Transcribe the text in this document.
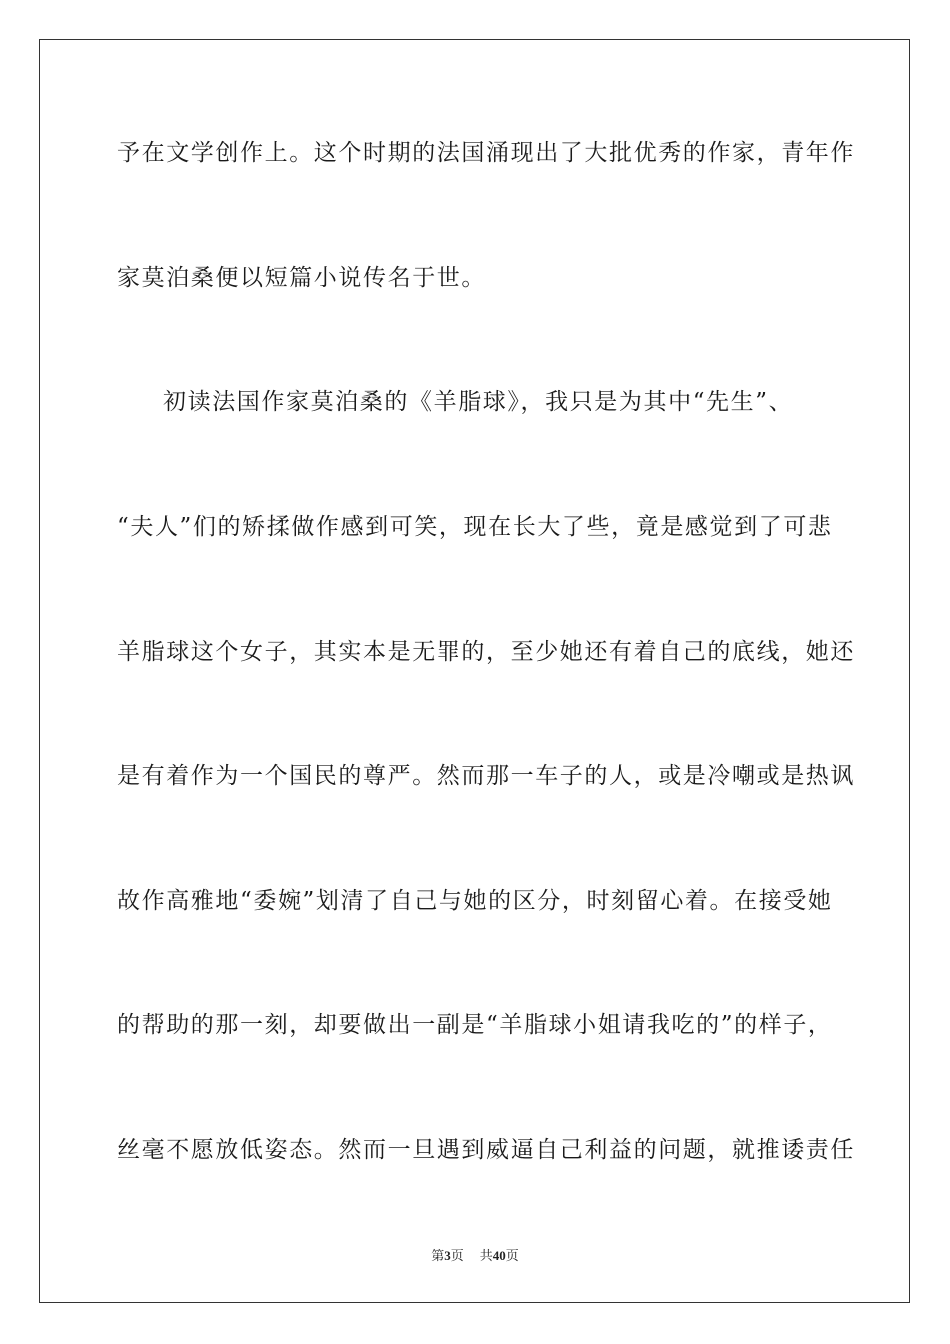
予在文学创作上。这个时期的法国涌现出了大批优秀的作家，青年作
家莫泊桑便以短篇小说传名于世。
初读法国作家莫泊桑的《羊脂球》，我只是为其中“先生”、
“夫人”们的矫揉做作感到可笑，现在长大了些，竟是感觉到了可悲
羊脂球这个女子，其实本是无罪的，至少她还有着自己的底线，她还
是有着作为一个国民的尊严。然而那一车子的人，或是冷嘲或是热讽
故作高雅地“委婉”划清了自己与她的区分，时刻留心着。在接受她
的帮助的那一刻，却要做出一副是“羊脂球小姐请我吃的”的样子，
丝毫不愿放低姿态。然而一旦遇到威逼自己利益的问题，就推诿责任
第3页 共40页
